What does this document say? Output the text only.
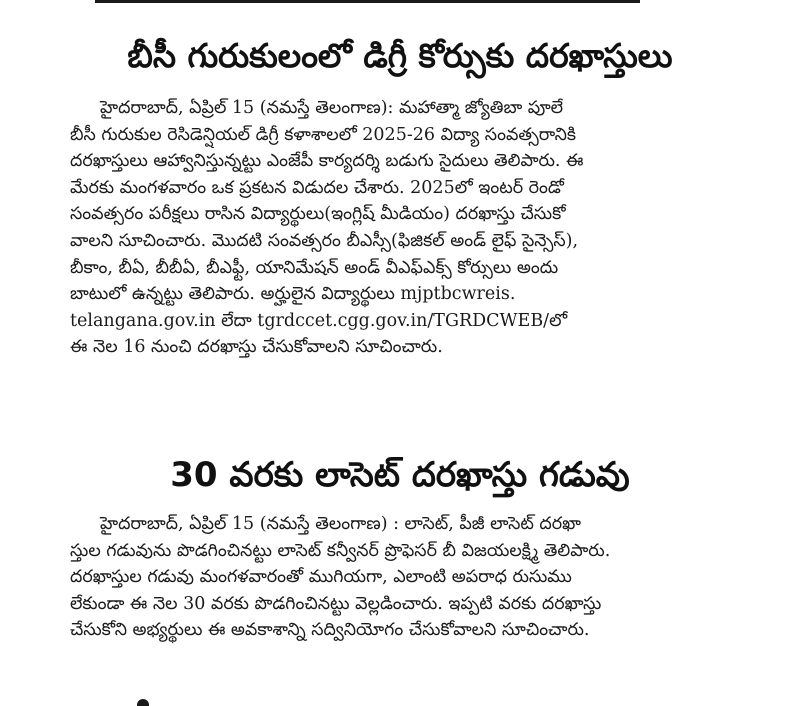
బీసీ గురుకులంలో డిగ్రీ కోర్సుకు దరఖాస్తులు
హైదరాబాద్, ఏప్రిల్ 15 (నమస్తే తెలంగాణ): మహాత్మా జ్యోతిబా పూలే
బీసీ గురుకుల రెసిడెన్షియల్ డిగ్రీ కళాశాలలో 2025-26 విద్యా సంవత్సరానికి
దరఖాస్తులు ఆహ్వానిస్తున్నట్టు ఎంజేపీ కార్యదర్శి బడుగు సైదులు తెలిపారు. ఈ
మేరకు మంగళవారం ఒక ప్రకటన విడుదల చేశారు. 2025లో ఇంటర్ రెండో
సంవత్సరం పరీక్షలు రాసిన విద్యార్థులు(ఇంగ్లిష్ మీడియం) దరఖాస్తు చేసుకో
వాలని సూచించారు. మొదటి సంవత్సరం బీఎస్సీ(ఫిజికల్ అండ్ లైఫ్ సైన్సెస్),
బీకాం, బీఏ, బీబీఏ, బీఎఫ్టీ, యానిమేషన్ అండ్ వీఎఫ్ఎక్స్ కోర్సులు అందు
బాటులో ఉన్నట్టు తెలిపారు. అర్హులైన విద్యార్థులు mjptbcwreis.
telangana.gov.in లేదా tgrdccet.cgg.gov.in/TGRDCWEB/లో
ఈ నెల 16 నుంచి దరఖాస్తు చేసుకోవాలని సూచించారు.
30 వరకు లాసెట్ దరఖాస్తు గడువు
హైదరాబాద్, ఏప్రిల్ 15 (నమస్తే తెలంగాణ) : లాసెట్, పీజీ లాసెట్ దరఖా
స్తుల గడువును పొడగించినట్టు లాసెట్ కన్వీనర్ ప్రొఫెసర్ బీ విజయలక్ష్మి తెలిపారు.
దరఖాస్తుల గడువు మంగళవారంతో ముగియగా, ఎలాంటి అపరాధ రుసుము
లేకుండా ఈ నెల 30 వరకు పొడగించినట్టు వెల్లడించారు. ఇప్పటి వరకు దరఖాస్తు
చేసుకోని అభ్యర్థులు ఈ అవకాశాన్ని సద్వినియోగం చేసుకోవాలని సూచించారు.
